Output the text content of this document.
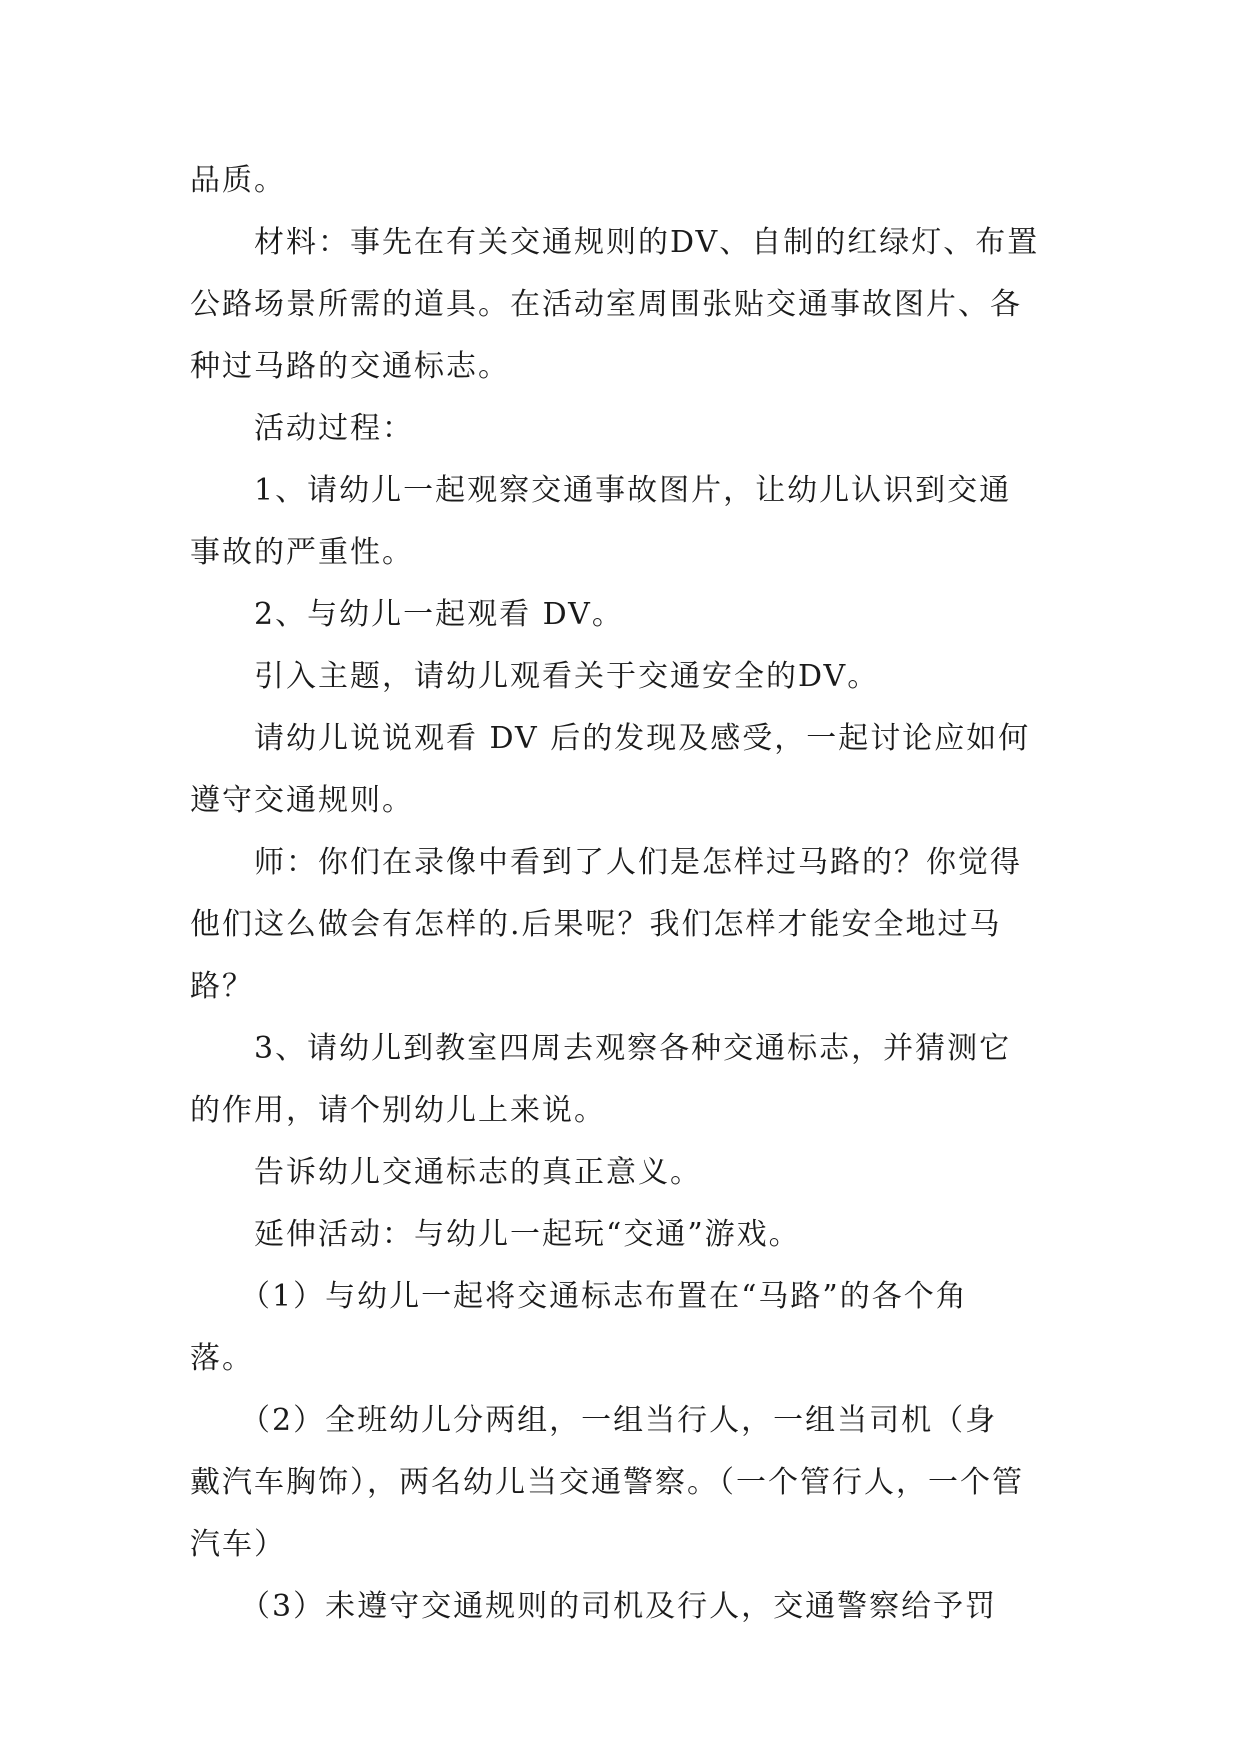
品质。
材料：事先在有关交通规则的DV、自制的红绿灯、布置
公路场景所需的道具。在活动室周围张贴交通事故图片、各
种过马路的交通标志。
活动过程：
1、请幼儿一起观察交通事故图片，让幼儿认识到交通
事故的严重性。
2、与幼儿一起观看 DV。
引入主题，请幼儿观看关于交通安全的DV。
请幼儿说说观看 DV 后的发现及感受，一起讨论应如何
遵守交通规则。
师：你们在录像中看到了人们是怎样过马路的？你觉得
他们这么做会有怎样的.后果呢？我们怎样才能安全地过马
路？
3、请幼儿到教室四周去观察各种交通标志，并猜测它
的作用，请个别幼儿上来说。
告诉幼儿交通标志的真正意义。
延伸活动：与幼儿一起玩“交通”游戏。
（1）与幼儿一起将交通标志布置在“马路”的各个角
落。
（2）全班幼儿分两组，一组当行人，一组当司机（身
戴汽车胸饰），两名幼儿当交通警察。（一个管行人，一个管
汽车）
（3）未遵守交通规则的司机及行人，交通警察给予罚
